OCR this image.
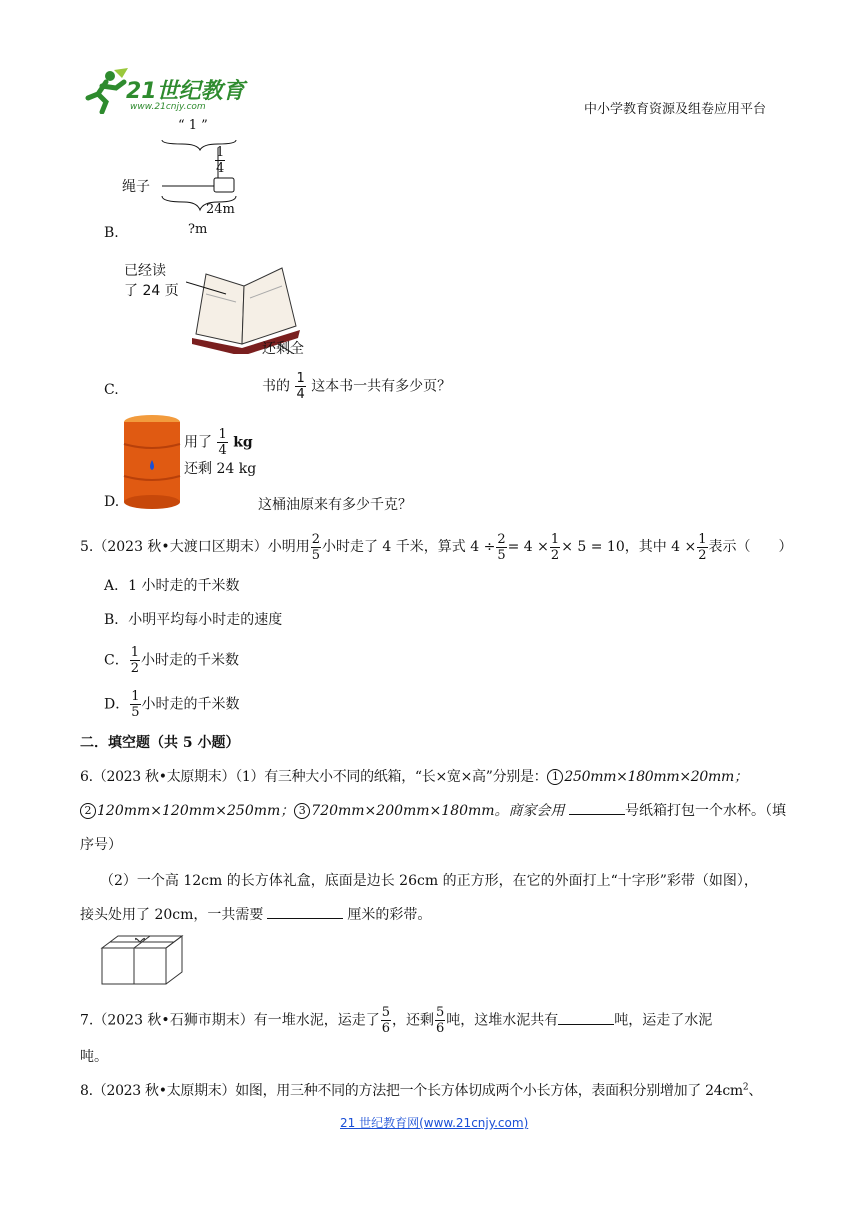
21世纪教育
www.21cnjy.com	中小学教育资源及组卷应用平台
B.
“ 1 ”
$\frac{1}{4}$
绳子
24m
?m
C.
已经读
了 24 页
还剩全
书的 $\frac{1}{4}$ 这本书一共有多少页？
D.
用了 $\frac{1}{4}$ kg
还剩 24 kg
这桶油原来有多少千克？
5.（2023 秋•大渡口区期末）小明用 $\frac{2}{5}$ 小时走了 4 千米，算式 $4 \div \frac{2}{5} = 4 \times \frac{1}{2} \times 5 = 10$，其中 $4 \times \frac{1}{2}$ 表示（　　）
A．1 小时走的千米数
B．小明平均每小时走的速度
C． $\frac{1}{2}$ 小时走的千米数
D． $\frac{1}{5}$ 小时走的千米数
二．填空题（共 5 小题）
6.（2023 秋•太原期末）（1）有三种大小不同的纸箱，“长×宽×高”分别是： 1 250mm×180mm×20mm；
2 120mm×120mm×250mm； 3 720mm×200mm×180mm。商家会用	号纸箱打包一个水杯。（填
序号）
（2）一个高 12cm 的长方体礼盒，底面是边长 26cm 的正方形，在它的外面打上“十字形”彩带（如图），
接头处用了 20cm，一共需要	厘米的彩带。
7.（2023 秋•石狮市期末）有一堆水泥，运走了 $\frac{5}{6}$ ，还剩 $\frac{5}{6}$ 吨，这堆水泥共有	吨，运走了水泥
吨。
8.（2023 秋•太原期末）如图，用三种不同的方法把一个长方体切成两个小长方体，表面积分别增加了 $24cm^2$、
21 世纪教育网(www.21cnjy.com)
